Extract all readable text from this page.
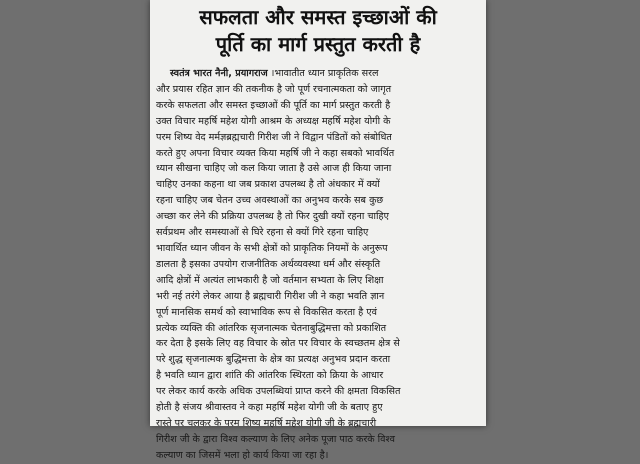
सफलता और समस्त इच्छाओं की
पूर्ति का मार्ग प्रस्तुत करती है
स्वतंत्र भारत नैनी, प्रयागराज ।भावातीत ध्यान प्राकृतिक सरल
और प्रयास रहित ज्ञान की तकनीक है जो पूर्ण रचनात्मकता को जागृत
करके सफलता और समस्त इच्छाओं की पूर्ति का मार्ग प्रस्तुत करती है
उक्त विचार महर्षि महेश योगी आश्रम के अध्यक्ष महर्षि महेश योगी के
परम शिष्य वेद मर्मज्ञब्रह्मचारी गिरीश जी ने विद्वान पंडितों को संबोधित
करते हुए अपना विचार व्यक्त किया महर्षि जी ने कहा सबको भावर्थित
ध्यान सीखना चाहिए जो कल किया जाता है उसे आज ही किया जाना
चाहिए उनका कहना था जब प्रकाश उपलब्ध है तो अंधकार में क्यों
रहना चाहिए जब चेतन उच्च अवस्थाओं का अनुभव करके सब कुछ
अच्छा कर लेने की प्रक्रिया उपलब्ध है तो फिर दुखी क्यों रहना चाहिए
सर्वप्रथम और समस्याओं से घिरे रहना से क्यों गिरे रहना चाहिए
भावार्थित ध्यान जीवन के सभी क्षेत्रों को प्राकृतिक नियमों के अनुरूप
डालता है इसका उपयोग राजनीतिक अर्थव्यवस्था धर्म और संस्कृति
आदि क्षेत्रों में अत्यंत लाभकारी है जो वर्तमान सभ्यता के लिए शिक्षा
भरी नई तरंगे लेकर आया है ब्रह्मचारी गिरीश जी ने कहा भवति ज्ञान
पूर्ण मानसिक समर्थ को स्वाभाविक रूप से विकसित करता है एवं
प्रत्येक व्यक्ति की आंतरिक सृजनात्मक चेतनाबुद्धिमत्ता को प्रकाशित
कर देता है इसके लिए वह विचार के स्रोत पर विचार के स्वच्छतम क्षेत्र से
परे शुद्ध सृजनात्मक बुद्धिमत्ता के क्षेत्र का प्रत्यक्ष अनुभव प्रदान करता
है भवति ध्यान द्वारा शांति की आंतरिक स्थिरता को क्रिया के आधार
पर लेकर कार्य करके अधिक उपलब्धियां प्राप्त करने की क्षमता विकसित
होती है संजय श्रीवास्तव ने कहा महर्षि महेश योगी जी के बताए हुए
रास्ते पर चलकर के परम शिष्य महर्षि महेश योगी जी के ब्रह्मचारी
गिरीश जी के द्वारा विश्व कल्याण के लिए अनेक पूजा पाठ करके विश्व
कल्याण का जिसमें भला हो कार्य किया जा रहा है।
